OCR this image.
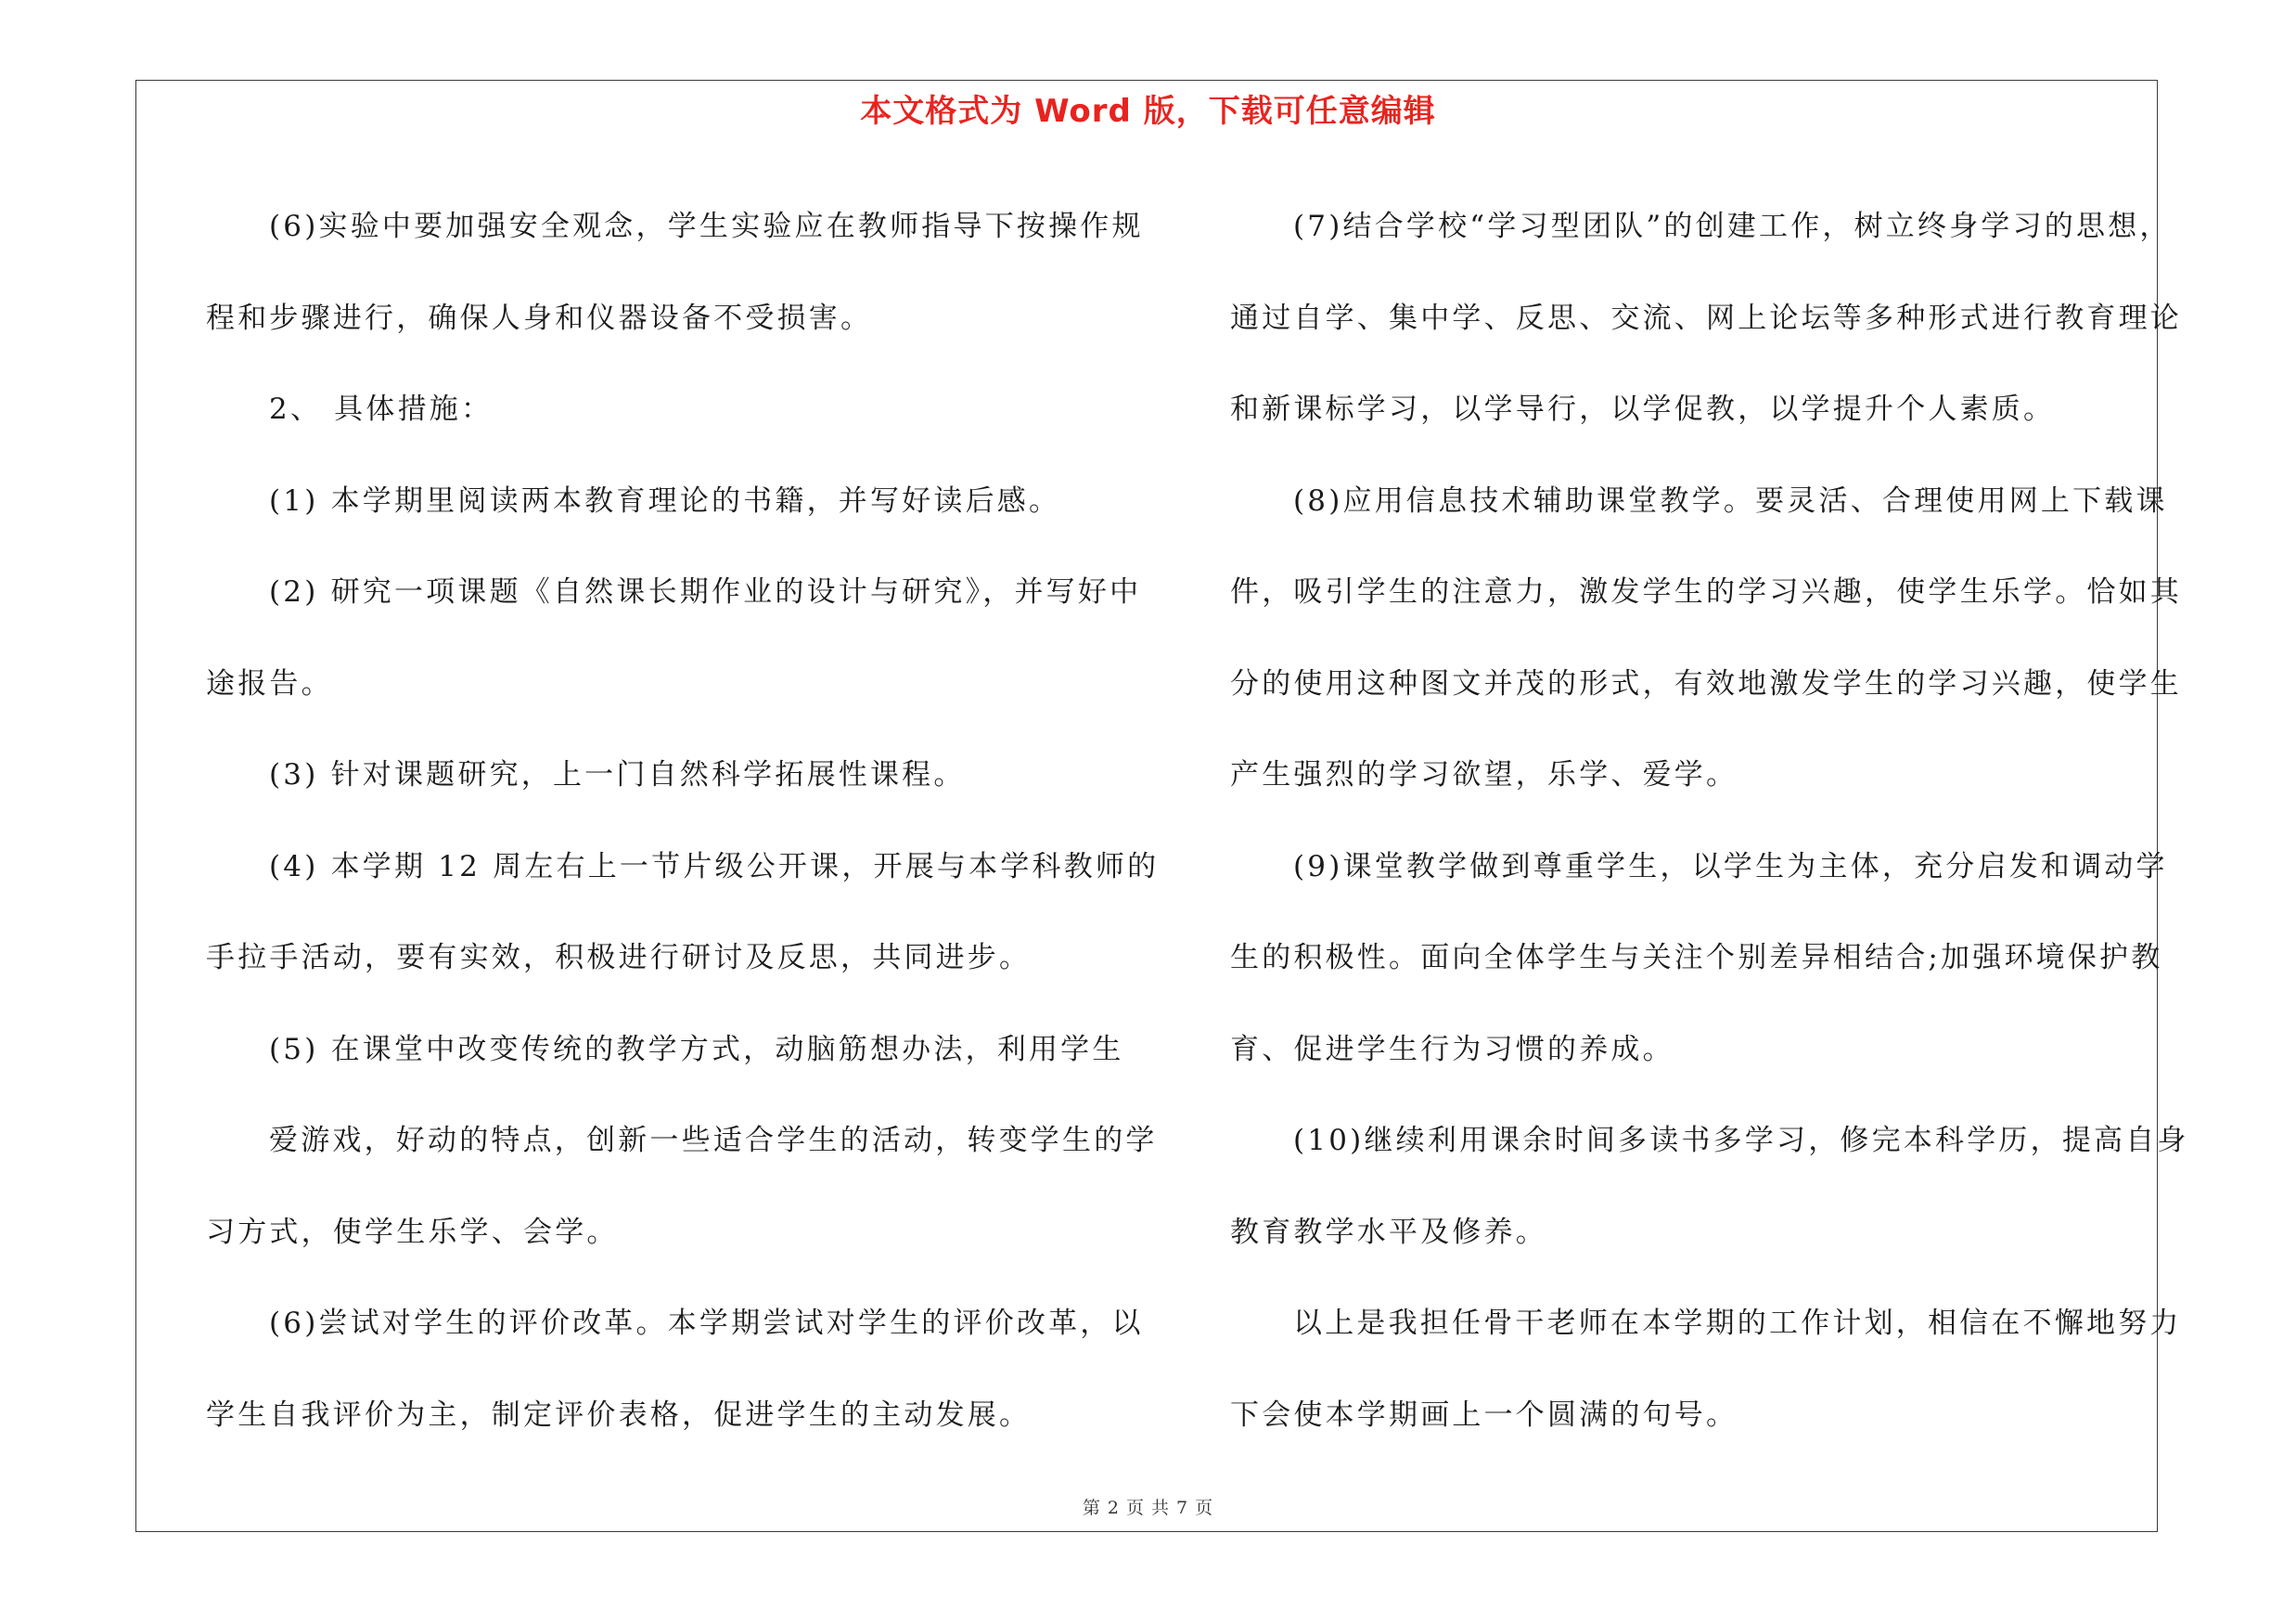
本文格式为 Word 版，下载可任意编辑
(6)实验中要加强安全观念，学生实验应在教师指导下按操作规
程和步骤进行，确保人身和仪器设备不受损害。
2、 具体措施：
(1) 本学期里阅读两本教育理论的书籍，并写好读后感。
(2) 研究一项课题《自然课长期作业的设计与研究》，并写好中
途报告。
(3) 针对课题研究，上一门自然科学拓展性课程。
(4) 本学期 12 周左右上一节片级公开课，开展与本学科教师的
手拉手活动，要有实效，积极进行研讨及反思，共同进步。
(5) 在课堂中改变传统的教学方式，动脑筋想办法，利用学生
爱游戏，好动的特点，创新一些适合学生的活动，转变学生的学
习方式，使学生乐学、会学。
(6)尝试对学生的评价改革。本学期尝试对学生的评价改革，以
学生自我评价为主，制定评价表格，促进学生的主动发展。
(7)结合学校“学习型团队”的创建工作，树立终身学习的思想，
通过自学、集中学、反思、交流、网上论坛等多种形式进行教育理论
和新课标学习，以学导行，以学促教，以学提升个人素质。
(8)应用信息技术辅助课堂教学。要灵活、合理使用网上下载课
件，吸引学生的注意力，激发学生的学习兴趣，使学生乐学。恰如其
分的使用这种图文并茂的形式，有效地激发学生的学习兴趣，使学生
产生强烈的学习欲望，乐学、爱学。
(9)课堂教学做到尊重学生，以学生为主体，充分启发和调动学
生的积极性。面向全体学生与关注个别差异相结合;加强环境保护教
育、促进学生行为习惯的养成。
(10)继续利用课余时间多读书多学习，修完本科学历，提高自身
教育教学水平及修养。
以上是我担任骨干老师在本学期的工作计划，相信在不懈地努力
下会使本学期画上一个圆满的句号。
第 2 页 共 7 页
